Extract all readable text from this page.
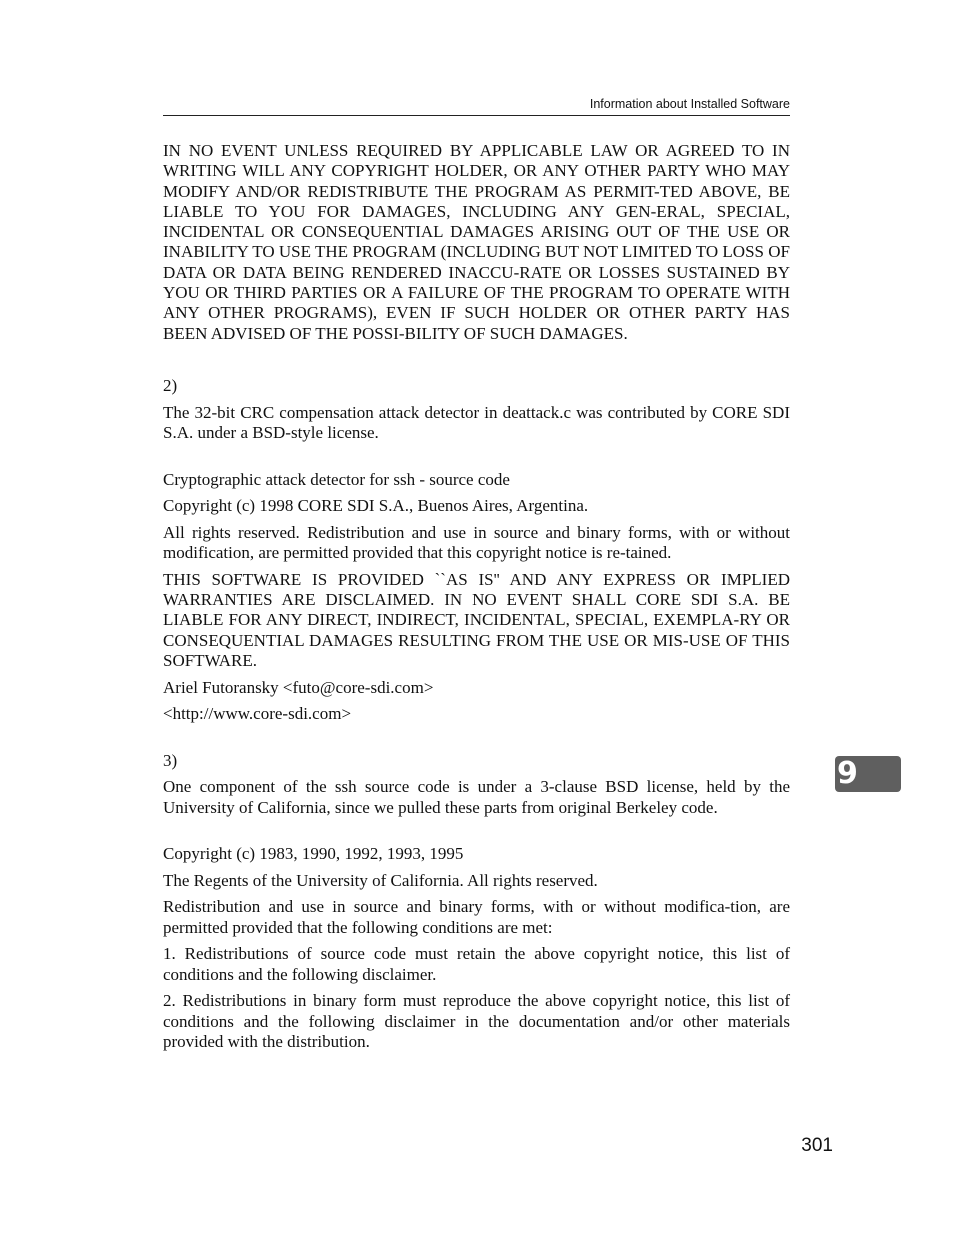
Information about Installed Software

IN NO EVENT UNLESS REQUIRED BY APPLICABLE LAW OR AGREED TO IN WRITING WILL ANY COPYRIGHT HOLDER, OR ANY OTHER PARTY WHO MAY MODIFY AND/OR REDISTRIBUTE THE PROGRAM AS PERMIT-TED ABOVE, BE LIABLE TO YOU FOR DAMAGES, INCLUDING ANY GEN-ERAL, SPECIAL, INCIDENTAL OR CONSEQUENTIAL DAMAGES ARISING OUT OF THE USE OR INABILITY TO USE THE PROGRAM (INCLUDING BUT NOT LIMITED TO LOSS OF DATA OR DATA BEING RENDERED INACCU-RATE OR LOSSES SUSTAINED BY YOU OR THIRD PARTIES OR A FAILURE OF THE PROGRAM TO OPERATE WITH ANY OTHER PROGRAMS), EVEN IF SUCH HOLDER OR OTHER PARTY HAS BEEN ADVISED OF THE POSSI-BILITY OF SUCH DAMAGES.

2)

The 32-bit CRC compensation attack detector in deattack.c was contributed by CORE SDI S.A. under a BSD-style license.

Cryptographic attack detector for ssh - source code

Copyright (c) 1998 CORE SDI S.A., Buenos Aires, Argentina.

All rights reserved. Redistribution and use in source and binary forms, with or without modification, are permitted provided that this copyright notice is re-tained.

THIS SOFTWARE IS PROVIDED ``AS IS'' AND ANY EXPRESS OR IMPLIED WARRANTIES ARE DISCLAIMED. IN NO EVENT SHALL CORE SDI S.A. BE LIABLE FOR ANY DIRECT, INDIRECT, INCIDENTAL, SPECIAL, EXEMPLA-RY OR CONSEQUENTIAL DAMAGES RESULTING FROM THE USE OR MIS-USE OF THIS SOFTWARE.

Ariel Futoransky <futo@core-sdi.com>

<http://www.core-sdi.com>

3)

One component of the ssh source code is under a 3-clause BSD license, held by the University of California, since we pulled these parts from original Berkeley code.

Copyright (c) 1983, 1990, 1992, 1993, 1995

The Regents of the University of California. All rights reserved.

Redistribution and use in source and binary forms, with or without modifica-tion, are permitted provided that the following conditions are met:

1. Redistributions of source code must retain the above copyright notice, this list of conditions and the following disclaimer.

2. Redistributions in binary form must reproduce the above copyright notice, this list of conditions and the following disclaimer in the documentation and/or other materials provided with the distribution.

9
301
